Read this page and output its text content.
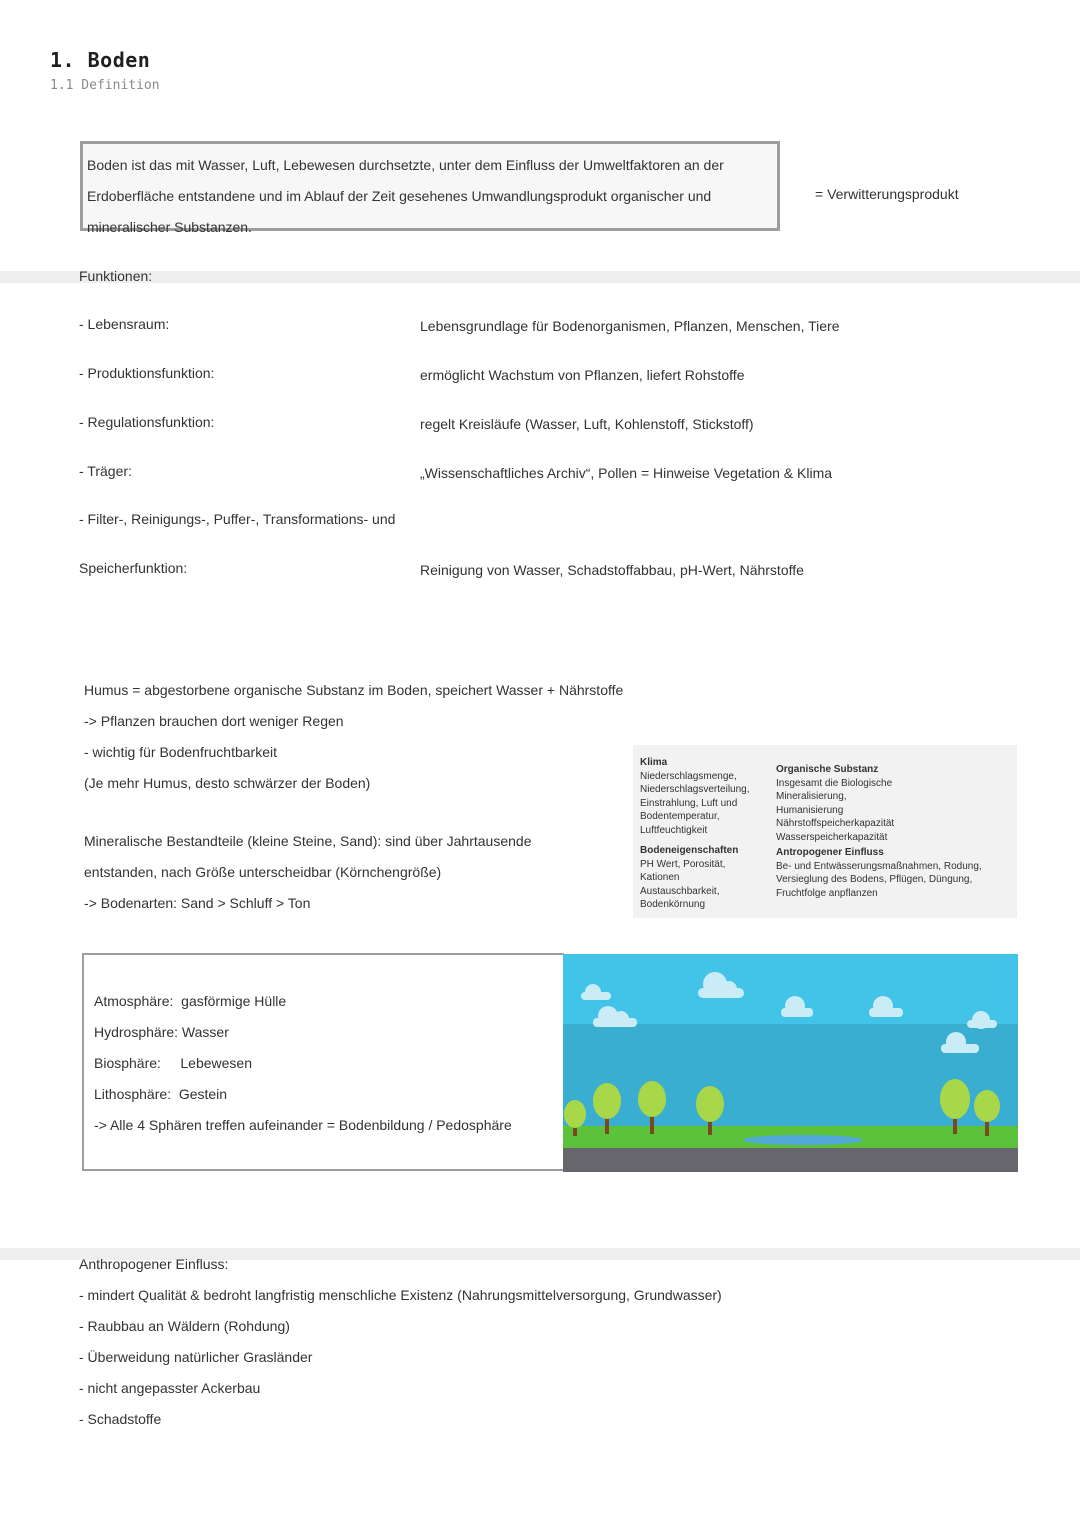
1. Boden
1.1 Definition

Boden ist das mit Wasser, Luft, Lebewesen durchsetzte, unter dem Einfluss der Umweltfaktoren an der

Erdoberfläche entstandene und im Ablauf der Zeit gesehenes Umwandlungsprodukt organischer und

mineralischer Substanzen.

= Verwitterungsprodukt
Funktionen:
- Lebensraum:	Lebensgrundlage für Bodenorganismen, Pflanzen, Menschen, Tiere
- Produktionsfunktion:	ermöglicht Wachstum von Pflanzen, liefert Rohstoffe
- Regulationsfunktion:	regelt Kreisläufe (Wasser, Luft, Kohlenstoff, Stickstoff)
- Träger:	„Wissenschaftliches Archiv“, Pollen = Hinweise Vegetation & Klima
- Filter-, Reinigungs-, Puffer-, Transformations- und
Speicherfunktion:	Reinigung von Wasser, Schadstoffabbau, pH-Wert, Nährstoffe

Humus = abgestorbene organische Substanz im Boden, speichert Wasser + Nährstoffe

-> Pflanzen brauchen dort weniger Regen

- wichtig für Bodenfruchtbarkeit

(Je mehr Humus, desto schwärzer der Boden)

Mineralische Bestandteile (kleine Steine, Sand): sind über Jahrtausende

entstanden, nach Größe unterscheidbar (Körnchengröße)

-> Bodenarten: Sand > Schluff > Ton

Klima
Niederschlagsmenge,
Niederschlagsverteilung,
Einstrahlung, Luft und
Bodentemperatur,
Luftfeuchtigkeit
Bodeneigenschaften
PH Wert, Porosität,
Kationen
Austauschbarkeit,
Bodenkörnung
Organische Substanz
Insgesamt die Biologische
Mineralisierung,
Humanisierung
Nährstoffspeicherkapazität
Wasserspeicherkapazität
Antropogener Einfluss
Be- und Entwässerungsmaßnahmen, Rodung,
Versieglung des Bodens, Pflügen, Düngung,
Fruchtfolge anpflanzen

Atmosphäre:  gasförmige Hülle

Hydrosphäre: Wasser

Biosphäre:     Lebewesen

Lithosphäre:  Gestein

-> Alle 4 Sphären treffen aufeinander = Bodenbildung / Pedosphäre

Anthropogener Einfluss:

- mindert Qualität & bedroht langfristig menschliche Existenz (Nahrungsmittelversorgung, Grundwasser)

- Raubbau an Wäldern (Rohdung)

- Überweidung natürlicher Grasländer

- nicht angepasster Ackerbau

- Schadstoffe
